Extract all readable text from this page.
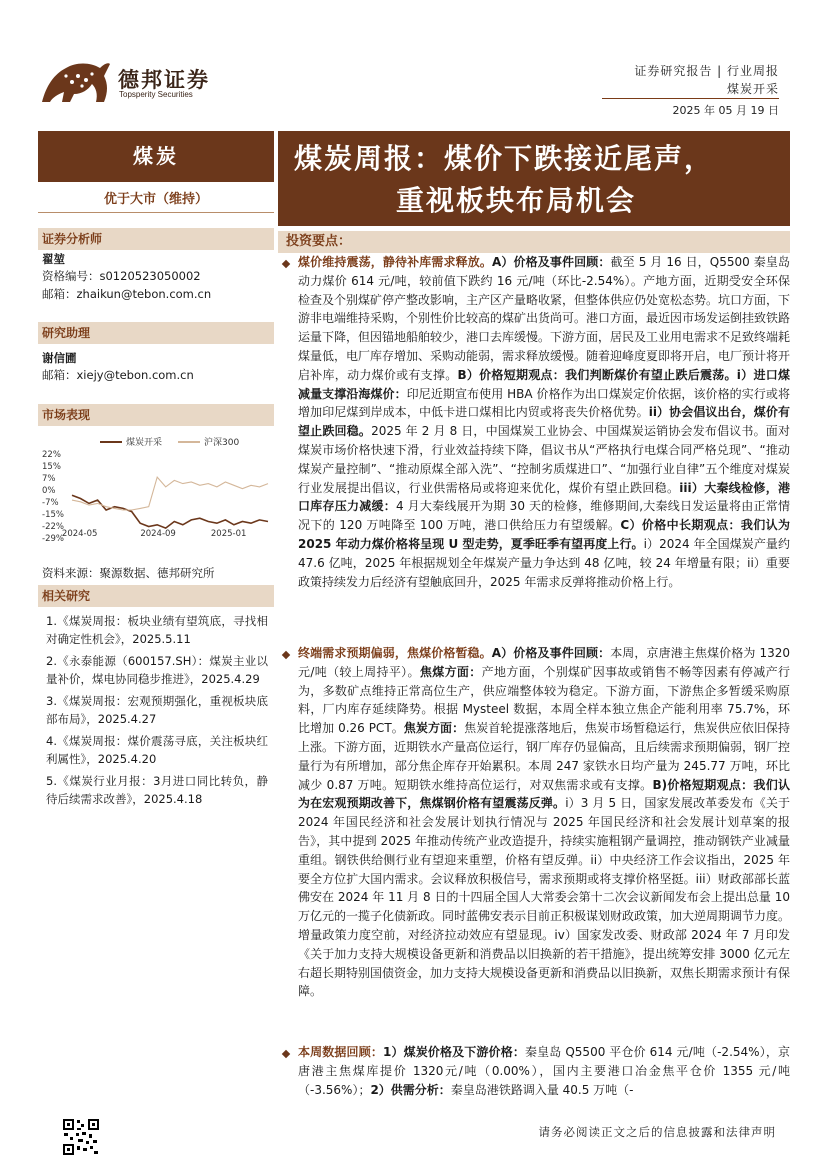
德邦证券
Topsperity Securities
证券研究报告 | 行业周报
煤炭开采
2025 年 05 月 19 日
煤炭
优于大市（维持）
证券分析师
翟堃
资格编号：s0120523050002
邮箱：zhaikun@tebon.com.cn
研究助理
谢信圃
邮箱：xiejy@tebon.com.cn
市场表现
煤炭开采	沪深300
22%
15%
7%
0%
-7%
-15%
-22%
-29%
2024-05	2024-09	2025-01
资料来源：聚源数据、德邦研究所
相关研究
1.《煤炭周报：板块业绩有望筑底，寻找相对确定性机会》，2025.5.11
2.《永泰能源（600157.SH）：煤炭主业以量补价，煤电协同稳步推进》，2025.4.29
3.《煤炭周报：宏观预期强化，重视板块底部布局》，2025.4.27
4.《煤炭周报：煤价震荡寻底，关注板块红利属性》，2025.4.20
5.《煤炭行业月报：3月进口同比转负，静待后续需求改善》，2025.4.18
煤炭周报：煤价下跌接近尾声，
重视板块布局机会
投资要点：
煤价维持震荡，静待补库需求释放。A）价格及事件回顾：截至 5 月 16 日，Q5500 秦皇岛动力煤价 614 元/吨，较前值下跌约 16 元/吨（环比-2.54%）。产地方面，近期受安全环保检查及个别煤矿停产整改影响，主产区产量略收紧，但整体供应仍处宽松态势。坑口方面，下游非电端维持采购，个别性价比较高的煤矿出货尚可。港口方面，最近因市场发运倒挂致铁路运量下降，但因锚地船舶较少，港口去库缓慢。下游方面，居民及工业用电需求不足致终端耗煤量低，电厂库存增加、采购动能弱，需求释放缓慢。随着迎峰度夏即将开启，电厂预计将开启补库，动力煤价或有支撑。B）价格短期观点：我们判断煤价有望止跌后震荡。i）进口煤减量支撑沿海煤价：印尼近期宣布使用 HBA 价格作为出口煤炭定价依据，该价格的实行或将增加印尼煤到岸成本，中低卡进口煤相比内贸或将丧失价格优势。ii）协会倡议出台，煤价有望止跌回稳。2025 年 2 月 8 日，中国煤炭工业协会、中国煤炭运销协会发布倡议书。面对煤炭市场价格快速下滑，行业效益持续下降，倡议书从“严格执行电煤合同严格兑现”、“推动煤炭产量控制”、“推动原煤全部入洗”、“控制劣质煤进口”、“加强行业自律”五个维度对煤炭行业发展提出倡议，行业供需格局或将迎来优化，煤价有望止跌回稳。iii）大秦线检修，港口库存压力减缓：4 月大秦线展开为期 30 天的检修，维修期间,大秦线日发运量将由正常情况下的 120 万吨降至 100 万吨，港口供给压力有望缓解。C）价格中长期观点：我们认为 2025 年动力煤价格将呈现 U 型走势，夏季旺季有望再度上行。i）2024 年全国煤炭产量约 47.6 亿吨，2025 年根据规划全年煤炭产量力争达到 48 亿吨，较 24 年增量有限；ii）重要政策持续发力后经济有望触底回升，2025 年需求反弹将推动价格上行。
终端需求预期偏弱，焦煤价格暂稳。A）价格及事件回顾：本周，京唐港主焦煤价格为 1320 元/吨（较上周持平）。焦煤方面：产地方面，个别煤矿因事故或销售不畅等因素有停减产行为，多数矿点维持正常高位生产，供应端整体较为稳定。下游方面，下游焦企多暂缓采购原料，厂内库存延续降势。根据 Mysteel 数据，本周全样本独立焦企产能利用率 75.7%，环比增加 0.26 PCT。焦炭方面：焦炭首轮提涨落地后，焦炭市场暂稳运行，焦炭供应依旧保持上涨。下游方面，近期铁水产量高位运行，钢厂库存仍显偏高，且后续需求预期偏弱，钢厂控量行为有所增加，部分焦企库存开始累积。本周 247 家铁水日均产量为 245.77 万吨，环比减少 0.87 万吨。短期铁水维持高位运行，对双焦需求或有支撑。B)价格短期观点：我们认为在宏观预期改善下，焦煤钢价格有望震荡反弹。i）3 月 5 日，国家发展改革委发布《关于 2024 年国民经济和社会发展计划执行情况与 2025 年国民经济和社会发展计划草案的报告》，其中提到 2025 年推动传统产业改造提升，持续实施粗钢产量调控，推动钢铁产业减量重组。钢铁供给侧行业有望迎来重塑，价格有望反弹。ii）中央经济工作会议指出，2025 年要全方位扩大国内需求。会议释放积极信号，需求预期或将支撑价格坚挺。iii）财政部部长蓝佛安在 2024 年 11 月 8 日的十四届全国人大常委会第十二次会议新闻发布会上提出总量 10 万亿元的一揽子化债新政。同时蓝佛安表示目前正积极谋划财政政策，加大逆周期调节力度。增量政策力度空前，对经济拉动效应有望显现。iv）国家发改委、财政部 2024 年 7 月印发《关于加力支持大规模设备更新和消费品以旧换新的若干措施》，提出统筹安排 3000 亿元左右超长期特别国债资金，加力支持大规模设备更新和消费品以旧换新，双焦长期需求预计有保障。
本周数据回顾：1）煤炭价格及下游价格：秦皇岛 Q5500 平仓价 614 元/吨（-2.54%），京唐港主焦煤库提价 1320元/吨（0.00%），国内主要港口冶金焦平仓价 1355 元/吨（-3.56%）；2）供需分析：秦皇岛港铁路调入量 40.5 万吨（-
请务必阅读正文之后的信息披露和法律声明
